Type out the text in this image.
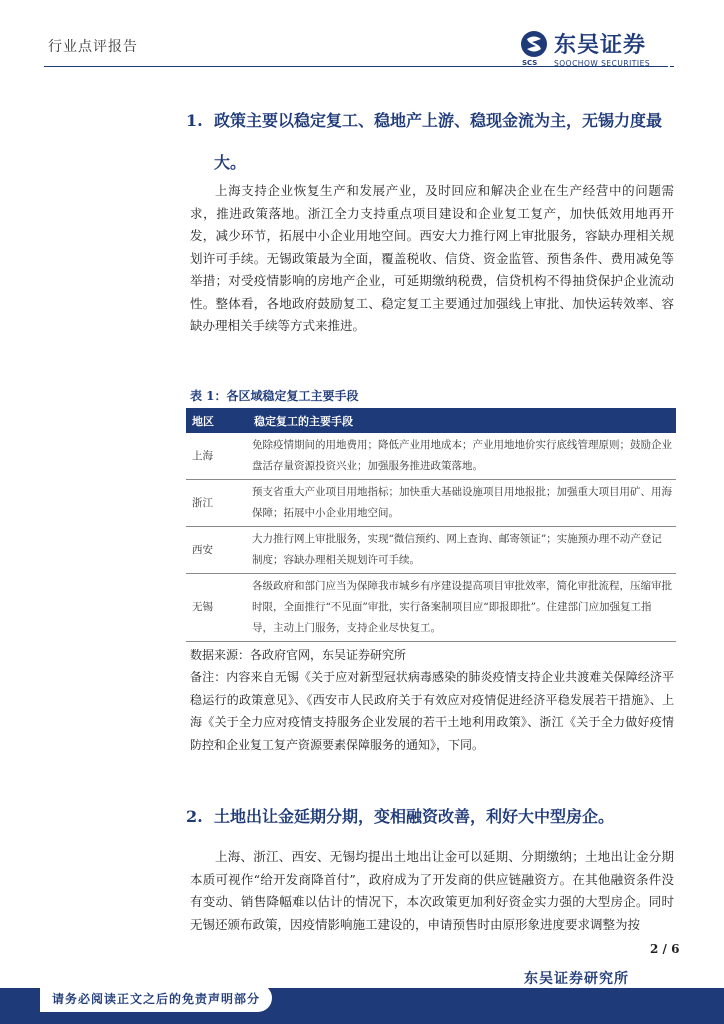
行业点评报告	东吴证券
SCS SOOCHOW SECURITIES
1. 政策主要以稳定复工、稳地产上游、稳现金流为主，无锡力度最大。
上海支持企业恢复生产和发展产业，及时回应和解决企业在生产经营中的问题需求，推进政策落地。浙江全力支持重点项目建设和企业复工复产，加快低效用地再开发，减少环节，拓展中小企业用地空间。西安大力推行网上审批服务，容缺办理相关规划许可手续。无锡政策最为全面，覆盖税收、信贷、资金监管、预售条件、费用减免等举措；对受疫情影响的房地产企业，可延期缴纳税费，信贷机构不得抽贷保护企业流动性。整体看，各地政府鼓励复工、稳定复工主要通过加强线上审批、加快运转效率、容缺办理相关手续等方式来推进。
表 1：各区域稳定复工主要手段
地区	稳定复工的主要手段
上海	免除疫情期间的用地费用；降低产业用地成本；产业用地地价实行底线管理原则；鼓励企业盘活存量资源投资兴业；加强服务推进政策落地。
浙江	预支省重大产业项目用地指标；加快重大基础设施项目用地报批；加强重大项目用矿、用海保障；拓展中小企业用地空间。
西安	大力推行网上审批服务，实现“微信预约、网上查询、邮寄领证”；实施预办理不动产登记制度；容缺办理相关规划许可手续。
无锡	各级政府和部门应当为保障我市城乡有序建设提高项目审批效率，简化审批流程，压缩审批时限，全面推行“不见面”审批，实行备案制项目应“即报即批”。住建部门应加强复工指导，主动上门服务，支持企业尽快复工。
数据来源：各政府官网，东吴证券研究所
备注：内容来自无锡《关于应对新型冠状病毒感染的肺炎疫情支持企业共渡难关保障经济平稳运行的政策意见》、《西安市人民政府关于有效应对疫情促进经济平稳发展若干措施》、上海《关于全力应对疫情支持服务企业发展的若干土地利用政策》、浙江《关于全力做好疫情防控和企业复工复产资源要素保障服务的通知》，下同。
2. 土地出让金延期分期，变相融资改善，利好大中型房企。
上海、浙江、西安、无锡均提出土地出让金可以延期、分期缴纳；土地出让金分期本质可视作“给开发商降首付”，政府成为了开发商的供应链融资方。在其他融资条件没有变动、销售降幅难以估计的情况下，本次政策更加利好资金实力强的大型房企。同时无锡还颁布政策，因疫情影响施工建设的，申请预售时由原形象进度要求调整为按
2 / 6
东吴证券研究所
请务必阅读正文之后的免责声明部分
